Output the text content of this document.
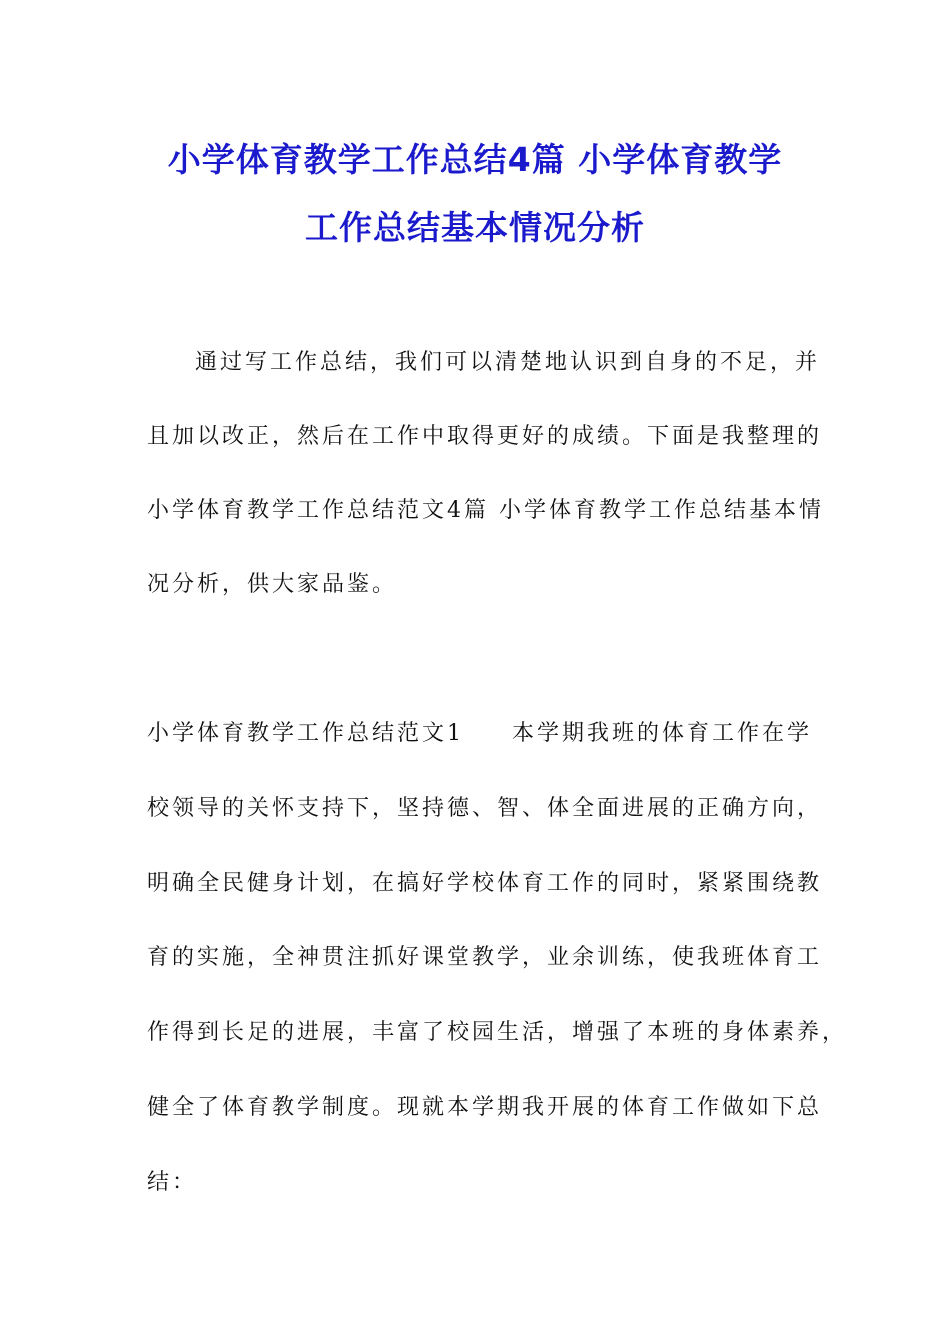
小学体育教学工作总结4篇 小学体育教学
工作总结基本情况分析

通过写工作总结，我们可以清楚地认识到自身的不足，并

且加以改正，然后在工作中取得更好的成绩。下面是我整理的

小学体育教学工作总结范文4篇 小学体育教学工作总结基本情

况分析，供大家品鉴。

小学体育教学工作总结范文1 本学期我班的体育工作在学

校领导的关怀支持下，坚持德、智、体全面进展的正确方向，

明确全民健身计划，在搞好学校体育工作的同时，紧紧围绕教

育的实施，全神贯注抓好课堂教学，业余训练，使我班体育工

作得到长足的进展，丰富了校园生活，增强了本班的身体素养，

健全了体育教学制度。现就本学期我开展的体育工作做如下总

结：
